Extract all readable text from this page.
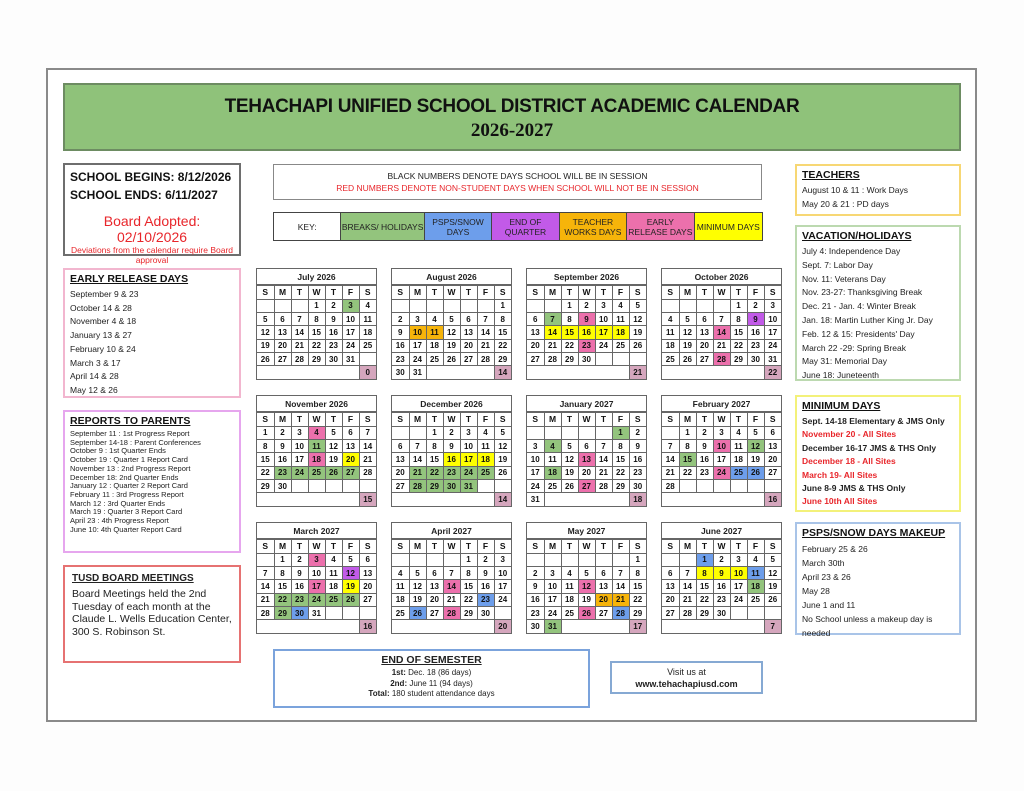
TEHACHAPI UNIFIED SCHOOL DISTRICT ACADEMIC CALENDAR
2026-2027
SCHOOL BEGINS: 8/12/2026
SCHOOL ENDS: 6/11/2027
Board Adopted: 02/10/2026
Deviations from the calendar require Board approval
BLACK NUMBERS DENOTE DAYS SCHOOL WILL BE IN SESSION
RED NUMBERS DENOTE NON-STUDENT DAYS WHEN SCHOOL WILL NOT BE IN SESSION
KEY:	BREAKS/ HOLIDAYS	PSPS/SNOW DAYS
END OF QUARTER
TEACHER WORKS DAYS
EARLY RELEASE DAYS MINIMUM DAYS
EARLY RELEASE DAYS
September 9 & 23
October 14 & 28
November 4 & 18
January 13 & 27
February 10 & 24
March 3 & 17
April 14 & 28
May 12 & 26
REPORTS TO PARENTS
September 11 : 1st Progress Report
September 14-18 : Parent Conferences
October 9 : 1st Quarter Ends
October 19 : Quarter 1 Report Card
November 13 : 2nd Progress Report
December 18: 2nd Quarter Ends
January 12 : Quarter 2 Report Card
February 11 : 3rd Progress Report
March 12 : 3rd Quarter Ends
March 19 : Quarter 3 Report Card
April 23 : 4th Progress Report
June 10: 4th Quarter Report Card
TUSD BOARD MEETINGS

Board Meetings held the 2nd Tuesday of each month at the Claude L. Wells Education Center, 300 S. Robinson St.

TEACHERS
August 10 & 11 : Work Days
May 20 & 21 : PD days
VACATION/HOLIDAYS
July 4: Independence Day
Sept. 7: Labor Day
Nov. 11: Veterans Day
Nov. 23-27: Thanksgiving Break
Dec. 21 - Jan. 4: Winter Break
Jan. 18: Martin Luther King Jr. Day
Feb. 12 & 15: Presidents' Day
March 22 -29: Spring Break
May 31: Memorial Day
June 18: Juneteenth
MINIMUM DAYS
Sept. 14-18 Elementary & JMS Only
November 20 - All Sites
December 16-17 JMS & THS Only
December 18 - All Sites
March 19- All Sites
June 8-9 JMS & THS Only
June 10th All Sites
PSPS/SNOW DAYS MAKEUP
February 25 & 26
March 30th
April 23 & 26
May 28
June 1 and 11
No School unless a makeup day is needed
END OF SEMESTER

1st: Dec. 18 (86 days)

2nd: June 11 (94 days)

Total: 180 student attendance days

Visit us at
www.tehachapiusd.com
July 2026
S	M	T	W	T	F	S
			1	2	3	4
5	6	7	8	9	10	11
12	13	14	15	16	17	18
19	20	21	22	23	24	25
26	27	28	29	30	31	
						0
August 2026
S	M	T	W	T	F	S
						1
2	3	4	5	6	7	8
9	10	11	12	13	14	15
16	17	18	19	20	21	22
23	24	25	26	27	28	29
30	31					14
September 2026
S	M	T	W	T	F	S
		1	2	3	4	5
6	7	8	9	10	11	12
13	14	15	16	17	18	19
20	21	22	23	24	25	26
27	28	29	30			
						21
October 2026
S	M	T	W	T	F	S
				1	2	3
4	5	6	7	8	9	10
11	12	13	14	15	16	17
18	19	20	21	22	23	24
25	26	27	28	29	30	31
						22
November 2026
S	M	T	W	T	F	S
1	2	3	4	5	6	7
8	9	10	11	12	13	14
15	16	17	18	19	20	21
22	23	24	25	26	27	28
29	30					
						15
December 2026
S	M	T	W	T	F	S
		1	2	3	4	5
6	7	8	9	10	11	12
13	14	15	16	17	18	19
20	21	22	23	24	25	26
27	28	29	30	31		
						14
January 2027
S	M	T	W	T	F	S
					1	2
3	4	5	6	7	8	9
10	11	12	13	14	15	16
17	18	19	20	21	22	23
24	25	26	27	28	29	30
31						18
February 2027
S	M	T	W	T	F	S
	1	2	3	4	5	6
7	8	9	10	11	12	13
14	15	16	17	18	19	20
21	22	23	24	25	26	27
28						
						16
March 2027
S	M	T	W	T	F	S
	1	2	3	4	5	6
7	8	9	10	11	12	13
14	15	16	17	18	19	20
21	22	23	24	25	26	27
28	29	30	31			
						16
April 2027
S	M	T	W	T	F	S
				1	2	3
4	5	6	7	8	9	10
11	12	13	14	15	16	17
18	19	20	21	22	23	24
25	26	27	28	29	30	
						20
May 2027
S	M	T	W	T	F	S
						1
2	3	4	5	6	7	8
9	10	11	12	13	14	15
16	17	18	19	20	21	22
23	24	25	26	27	28	29
30	31					17
June 2027
S	M	T	W	T	F	S
		1	2	3	4	5
6	7	8	9	10	11	12
13	14	15	16	17	18	19
20	21	22	23	24	25	26
27	28	29	30			
						7
